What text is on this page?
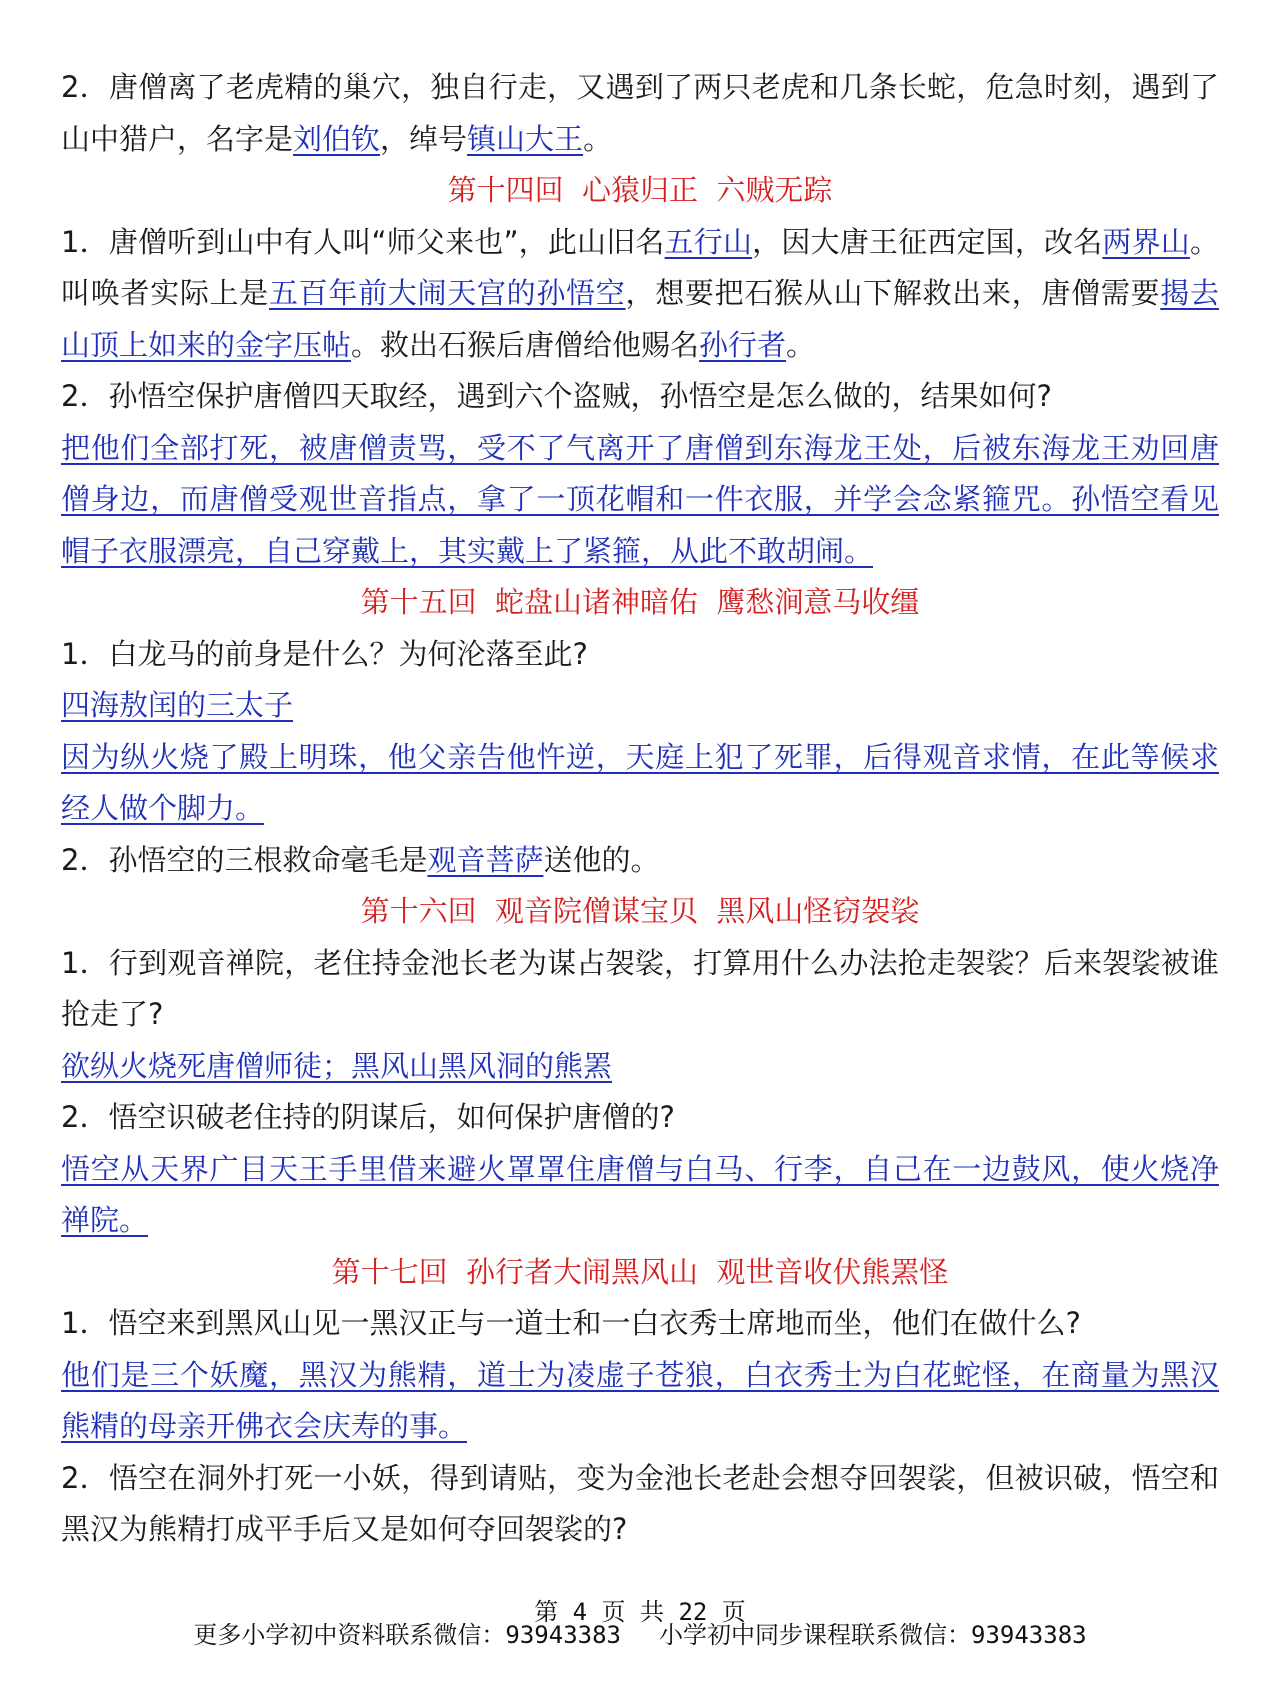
2．唐僧离了老虎精的巢穴，独自行走，又遇到了两只老虎和几条长蛇，危急时刻，遇到了山中猎户，名字是刘伯钦，绰号镇山大王。

第十四回  心猿归正  六贼无踪

1．唐僧听到山中有人叫“师父来也”，此山旧名五行山，因大唐王征西定国，改名两界山。叫唤者实际上是五百年前大闹天宫的孙悟空，想要把石猴从山下解救出来，唐僧需要揭去山顶上如来的金字压帖。救出石猴后唐僧给他赐名孙行者。

2．孙悟空保护唐僧四天取经，遇到六个盗贼，孙悟空是怎么做的，结果如何?

把他们全部打死，被唐僧责骂，受不了气离开了唐僧到东海龙王处，后被东海龙王劝回唐僧身边，而唐僧受观世音指点，拿了一顶花帽和一件衣服，并学会念紧箍咒。孙悟空看见帽子衣服漂亮，自己穿戴上，其实戴上了紧箍，从此不敢胡闹。

第十五回  蛇盘山诸神暗佑  鹰愁涧意马收缰

1．白龙马的前身是什么？为何沦落至此?

四海敖闰的三太子

因为纵火烧了殿上明珠，他父亲告他忤逆，天庭上犯了死罪，后得观音求情，在此等候求经人做个脚力。

2．孙悟空的三根救命毫毛是观音菩萨送他的。

第十六回  观音院僧谋宝贝  黑风山怪窃袈裟

1．行到观音禅院，老住持金池长老为谋占袈裟，打算用什么办法抢走袈裟？后来袈裟被谁抢走了?

欲纵火烧死唐僧师徒；黑风山黑风洞的熊罴

2．悟空识破老住持的阴谋后，如何保护唐僧的?

悟空从天界广目天王手里借来避火罩罩住唐僧与白马、行李，自己在一边鼓风，使火烧净禅院。

第十七回  孙行者大闹黑风山  观世音收伏熊罴怪

1．悟空来到黑风山见一黑汉正与一道士和一白衣秀士席地而坐，他们在做什么?

他们是三个妖魔，黑汉为熊精，道士为凌虚子苍狼，白衣秀士为白花蛇怪，在商量为黑汉熊精的母亲开佛衣会庆寿的事。

2．悟空在洞外打死一小妖，得到请贴，变为金池长老赴会想夺回袈裟，但被识破，悟空和黑汉为熊精打成平手后又是如何夺回袈裟的?

第 4 页 共 22 页
更多小学初中资料联系微信：93943383 小学初中同步课程联系微信：93943383
